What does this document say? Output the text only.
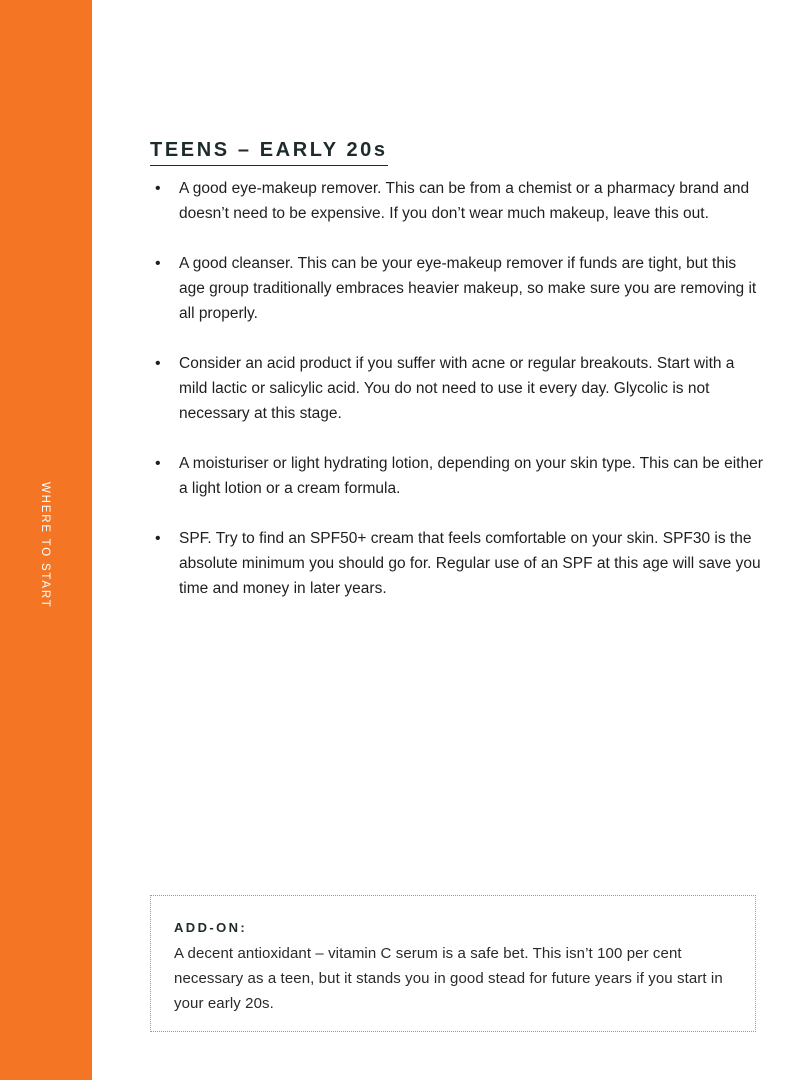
WHERE TO START
TEENS – EARLY 20s
• A good eye-makeup remover. This can be from a chemist or a pharmacy brand and doesn’t need to be expensive. If you don’t wear much makeup, leave this out.
• A good cleanser. This can be your eye-makeup remover if funds are tight, but this age group traditionally embraces heavier makeup, so make sure you are removing it all properly.
• Consider an acid product if you suffer with acne or regular breakouts. Start with a mild lactic or salicylic acid. You do not need to use it every day. Glycolic is not necessary at this stage.
• A moisturiser or light hydrating lotion, depending on your skin type. This can be either a light lotion or a cream formula.
• SPF. Try to find an SPF50+ cream that feels comfortable on your skin. SPF30 is the absolute minimum you should go for. Regular use of an SPF at this age will save you time and money in later years.
ADD-ON:
A decent antioxidant – vitamin C serum is a safe bet. This isn’t 100 per cent necessary as a teen, but it stands you in good stead for future years if you start in your early 20s.
